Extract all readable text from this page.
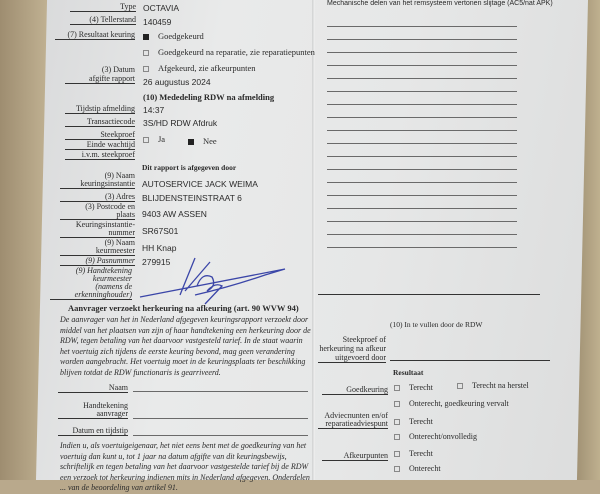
Type OCTAVIA
(4) Tellerstand 140459
(7) Resultaat keuring	Goedgekeurd
Goedgekeurd na reparatie, zie reparatiepunten
Afgekeurd, zie afkeurpunten
(3) Datum
afgifte rapport 26 augustus 2024
(10) Mededeling RDW na afmelding
Tijdstip afmelding 14:37
Transactiecode 3S/HD RDW Afdruk
Steekproef
Einde wachtijd
i.v.m. steekproef
Ja	Nee
Dit rapport is afgegeven door
(9) Naam
keuringsinstantie AUTOSERVICE JACK WEIMA
(3) Adres BLIJDENSTEINSTRAAT 6
(3) Postcode en
plaats 9403 AW ASSEN
Keuringsinstantie-
nummer SR67S01
(9) Naam
keurmeester HH Knap
(9) Pasnummer 279915
(9) Handtekening
keurmeester
(namens de
erkenninghouder)
Aanvrager verzoekt herkeuring na afkeuring (art. 90 WVW 94)
De aanvrager van het in Nederland afgegeven keuringsrapport verzoekt door middel van het plaatsen van zijn of haar handtekening een herkeuring door de RDW, tegen betaling van het daarvoor vastgesteld tarief. In de staat waarin het voertuig zich tijdens de eerste keuring bevond, mag geen verandering worden aangebracht. Het voertuig moet in de keuringsplaats ter beschikking blijven totdat de RDW functionaris is gearriveerd.
Naam
Handtekening
aanvrager
Datum en tijdstip
Indien u, als voertuigeigenaar, het niet eens bent met de goedkeuring van het voertuig dan kunt u, tot 1 jaar na datum afgifte van dit keuringsbewijs, schriftelijk en tegen betaling van het daarvoor vastgestelde tarief bij de RDW een verzoek tot herkeuring indienen mits in Nederland afgegeven. Onderdelen ... van de beoordeling van artikel 91.
Mechanische delen van het remsysteem vertonen slijtage (AC5/nat APK)
(10) In te vullen door de RDW
Steekproef of
herkeuring na afkeur
uitgevoerd door
Resultaat
Goedkeuring	Terecht	Terecht na herstel
Onterecht, goedkeuring vervalt
Advieспunten en/of
reparatieadviespunt	Terecht
Onterecht/onvolledig
Afkeurpunten	Terecht
Onterecht
